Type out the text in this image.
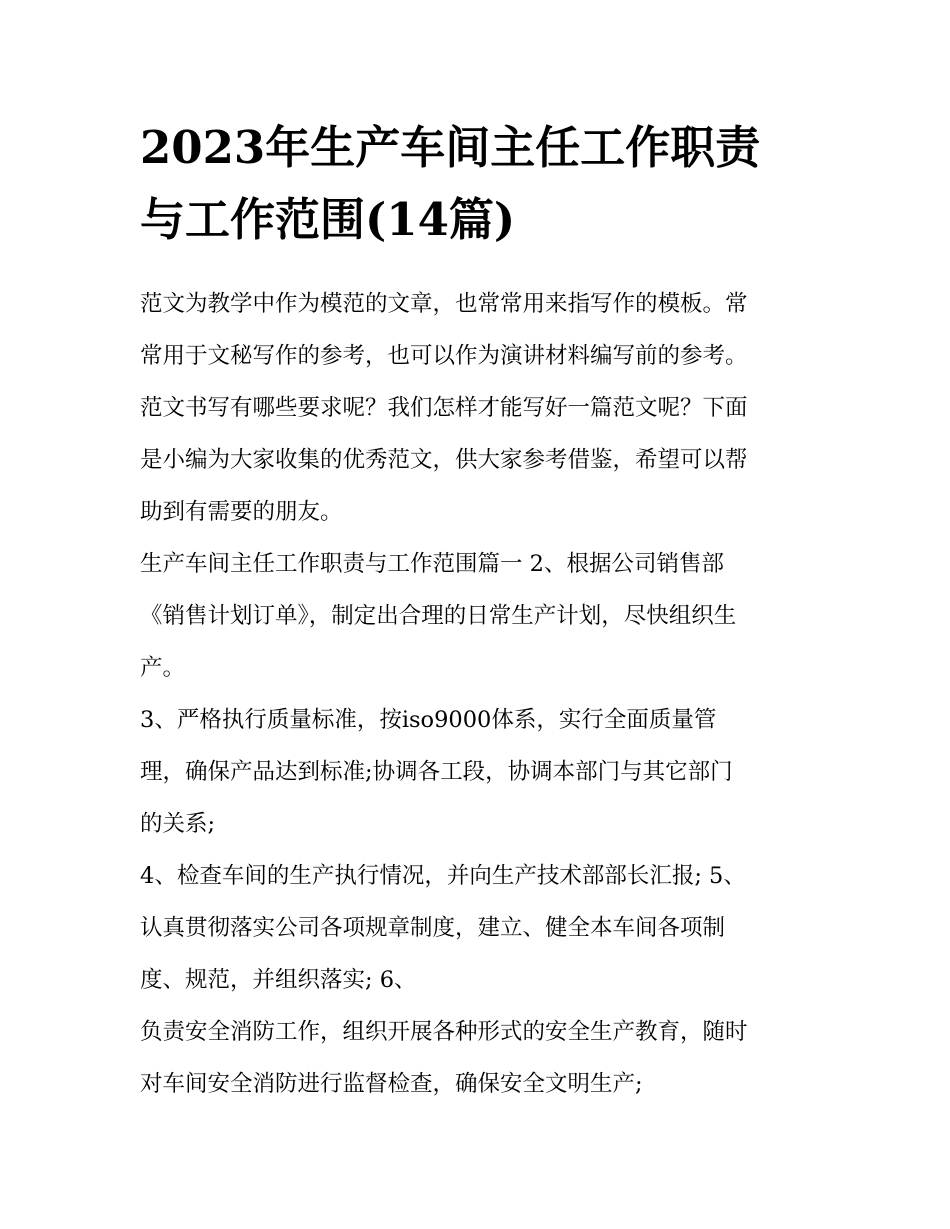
2023年生产车间主任工作职责
与工作范围(14篇)
范文为教学中作为模范的文章，也常常用来指写作的模板。常
常用于文秘写作的参考，也可以作为演讲材料编写前的参考。
范文书写有哪些要求呢？我们怎样才能写好一篇范文呢？下面
是小编为大家收集的优秀范文，供大家参考借鉴，希望可以帮
助到有需要的朋友。
生产车间主任工作职责与工作范围篇一 2、根据公司销售部
《销售计划订单》，制定出合理的日常生产计划，尽快组织生
产。
3、严格执行质量标准，按iso9000体系，实行全面质量管
理，确保产品达到标准;协调各工段，协调本部门与其它部门
的关系;
4、检查车间的生产执行情况，并向生产技术部部长汇报; 5、
认真贯彻落实公司各项规章制度，建立、健全本车间各项制
度、规范，并组织落实; 6、
负责安全消防工作，组织开展各种形式的安全生产教育，随时
对车间安全消防进行监督检查，确保安全文明生产;
